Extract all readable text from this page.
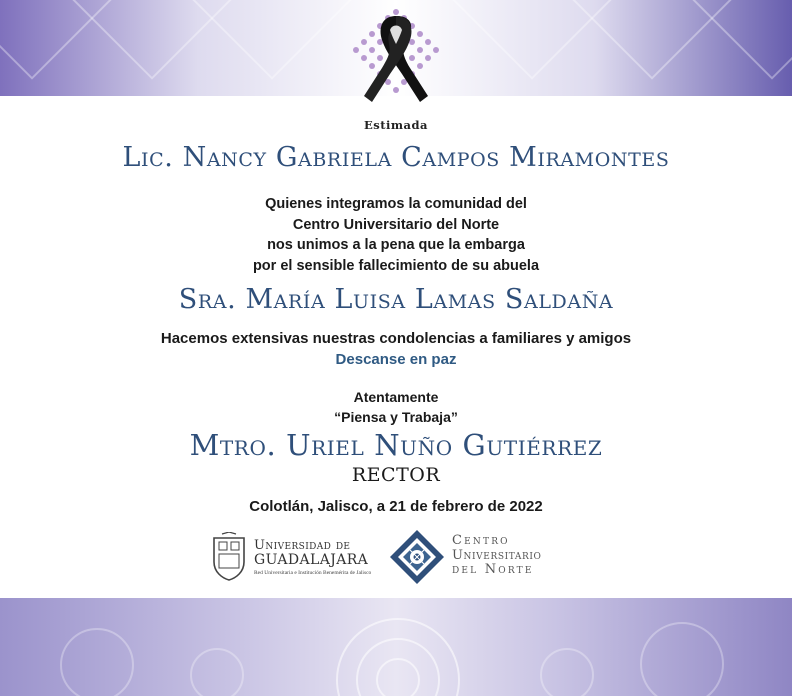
Estimada
Lic. Nancy Gabriela Campos Miramontes
Quienes integramos la comunidad del
Centro Universitario del Norte
nos unimos a la pena que la embarga
por el sensible fallecimiento de su abuela
Sra. María Luisa Lamas Saldaña
Hacemos extensivas nuestras condolencias a familiares y amigos
Descanse en paz
Atentamente
“Piensa y Trabaja”
Mtro. Uriel Nuño Gutiérrez
RECTOR
Colotlán, Jalisco, a 21 de febrero de 2022
Universidad de
GUADALAJARA
Red Universitaria e Institución Benemérita de Jalisco
Centro
Universitario
del Norte
